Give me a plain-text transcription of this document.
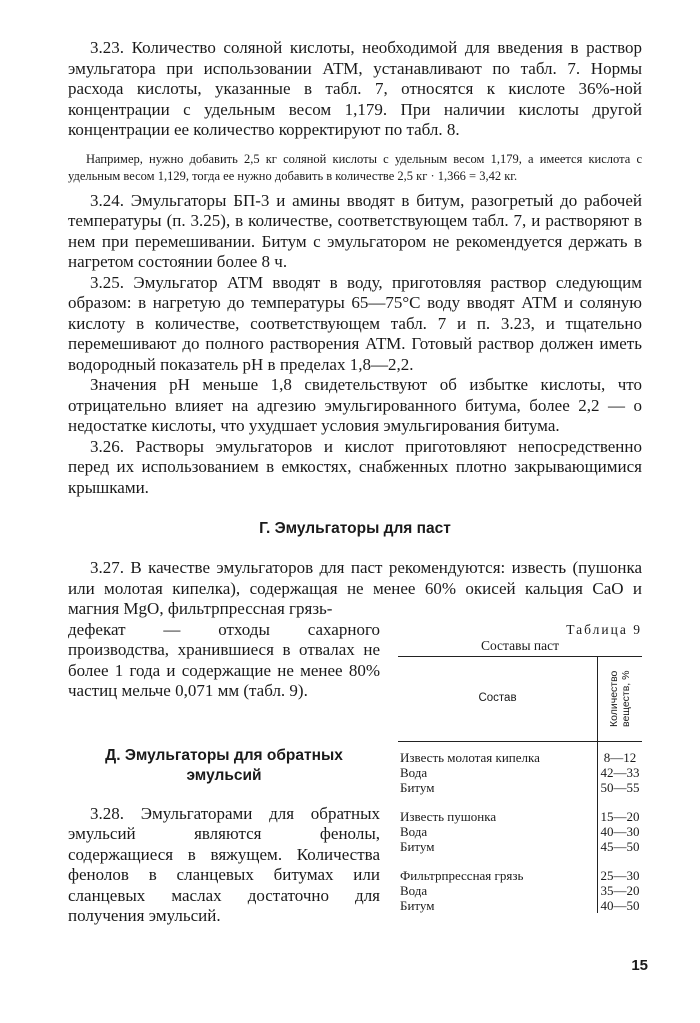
3.23. Количество соляной кислоты, необходимой для введения в раствор эмульгатора при использовании АТМ, устанавливают по табл. 7. Нормы расхода кислоты, указанные в табл. 7, относятся к кислоте 36%-ной концентрации с удельным весом 1,179. При наличии кислоты другой концентрации ее количество корректируют по табл. 8.

Например, нужно добавить 2,5 кг соляной кислоты с удельным весом 1,179, а имеется кислота с удельным весом 1,129, тогда ее нужно добавить в количестве 2,5 кг · 1,366 = 3,42 кг.

3.24. Эмульгаторы БП-3 и амины вводят в битум, разогретый до рабочей температуры (п. 3.25), в количестве, соответствующем табл. 7, и растворяют в нем при перемешивании. Битум с эмульгатором не рекомендуется держать в нагретом состоянии более 8 ч.

3.25. Эмульгатор АТМ вводят в воду, приготовляя раствор следующим образом: в нагретую до температуры 65—75°С воду вводят АТМ и соляную кислоту в количестве, соответствующем табл. 7 и п. 3.23, и тщательно перемешивают до полного растворения АТМ. Готовый раствор должен иметь водородный показатель pH в пределах 1,8—2,2.

Значения pH меньше 1,8 свидетельствуют об избытке кислоты, что отрицательно влияет на адгезию эмульгированного битума, более 2,2 — о недостатке кислоты, что ухудшает условия эмульгирования битума.

3.26. Растворы эмульгаторов и кислот приготовляют непосредственно перед их использованием в емкостях, снабженных плотно закрывающимися крышками.

Г. Эмульгаторы для паст

3.27. В качестве эмульгаторов для паст рекомендуются: известь (пушонка или молотая кипелка), содержащая не менее 60% окисей кальция CaO и магния MgO, фильтрпрессная грязь-

дефекат — отходы сахарного производства, хранившиеся в отвалах не более 1 года и содержащие не менее 80% частиц мельче 0,071 мм (табл. 9).

Д. Эмульгаторы для обратных эмульсий

3.28. Эмульгаторами для обратных эмульсий являются фенолы, содержащиеся в вяжущем. Количества фенолов в сланцевых битумах или сланцевых маслах достаточно для получения эмульсий.

Таблица 9
Составы паст
Состав	Количество веществ, %

Известь молотая кипелка	8—12
Вода	42—33
Битум	50—55

Известь пушонка	15—20
Вода	40—30
Битум	45—50

Фильтрпрессная грязь	25—30
Вода	35—20
Битум	40—50
15
